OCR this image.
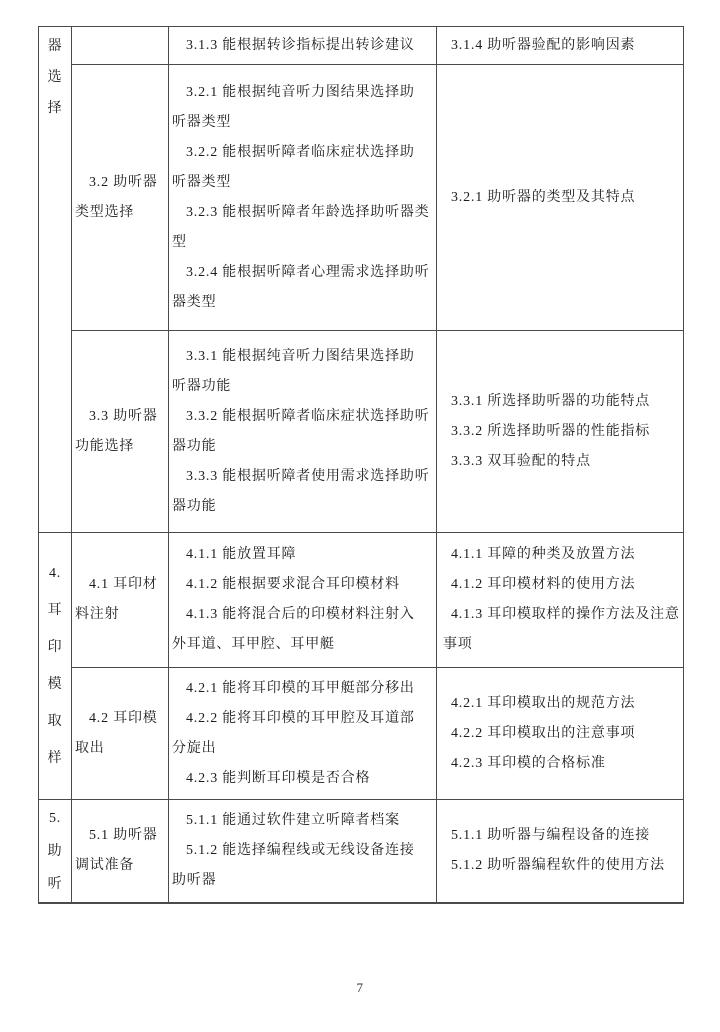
器
选
择
4.
耳
印
模
取
样
5.
助
听
3.1.3 能根据转诊指标提出转诊建议	3.1.4 助听器验配的影响因素
3.2 助听器
类型选择
3.2.1 能根据纯音听力图结果选择助
听器类型
3.2.2 能根据听障者临床症状选择助
听器类型
3.2.3 能根据听障者年龄选择助听器类
型
3.2.4 能根据听障者心理需求选择助听
器类型
3.2.1 助听器的类型及其特点
3.3 助听器
功能选择
3.3.1 能根据纯音听力图结果选择助
听器功能
3.3.2 能根据听障者临床症状选择助听
器功能
3.3.3 能根据听障者使用需求选择助听
器功能
3.3.1 所选择助听器的功能特点
3.3.2 所选择助听器的性能指标
3.3.3 双耳验配的特点
4.1 耳印材
料注射
4.1.1 能放置耳障
4.1.2 能根据要求混合耳印模材料
4.1.3 能将混合后的印模材料注射入
外耳道、耳甲腔、耳甲艇
4.1.1 耳障的种类及放置方法
4.1.2 耳印模材料的使用方法
4.1.3 耳印模取样的操作方法及注意
事项
4.2 耳印模
取出
4.2.1 能将耳印模的耳甲艇部分移出
4.2.2 能将耳印模的耳甲腔及耳道部
分旋出
4.2.3 能判断耳印模是否合格
4.2.1 耳印模取出的规范方法
4.2.2 耳印模取出的注意事项
4.2.3 耳印模的合格标准
5.1 助听器
调试准备
5.1.1 能通过软件建立听障者档案
5.1.2 能选择编程线或无线设备连接
助听器
5.1.1 助听器与编程设备的连接
5.1.2 助听器编程软件的使用方法
7
